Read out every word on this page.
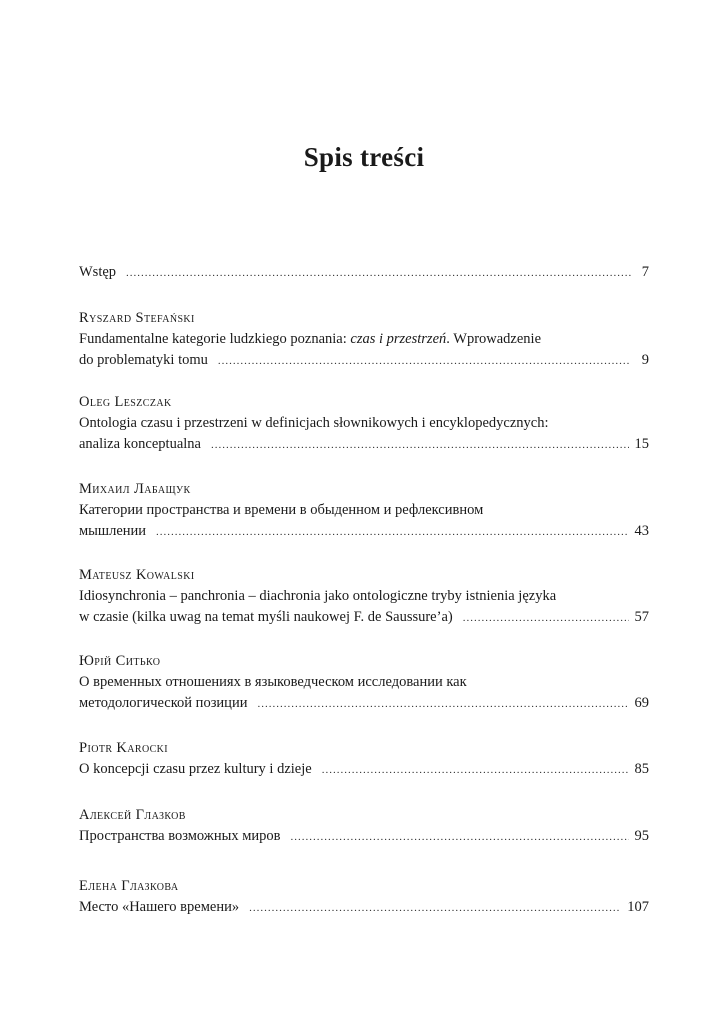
Spis treści
Wstęp .....	7
Ryszard Stefański
Fundamentalne kategorie ludzkiego poznania: czas i przestrzeń. Wprowadzenie
do problematyki tomu .....	9
Oleg Leszczak
Ontologia czasu i przestrzeni w definicjach słownikowych i encyklopedycznych:
analiza konceptualna .....	15
Михаил Лабащук
Категории пространства и времени в обыденном и рефлексивном
мышлении .....	43
Mateusz Kowalski
Idiosynchronia – panchronia – diachronia jako ontologiczne tryby istnienia języka
w czasie (kilka uwag na temat myśli naukowej F. de Saussure’a) .....	57
Юрій Ситько
О временных отношениях в языковедческом исследовании как
методологической позиции .....	69
Piotr Karocki
O koncepcji czasu przez kultury i dzieje .....	85
Алексей Глазков
Пространства возможных миров .....	95
Елена Глазкова
Место «Нашего времени» .....	107
